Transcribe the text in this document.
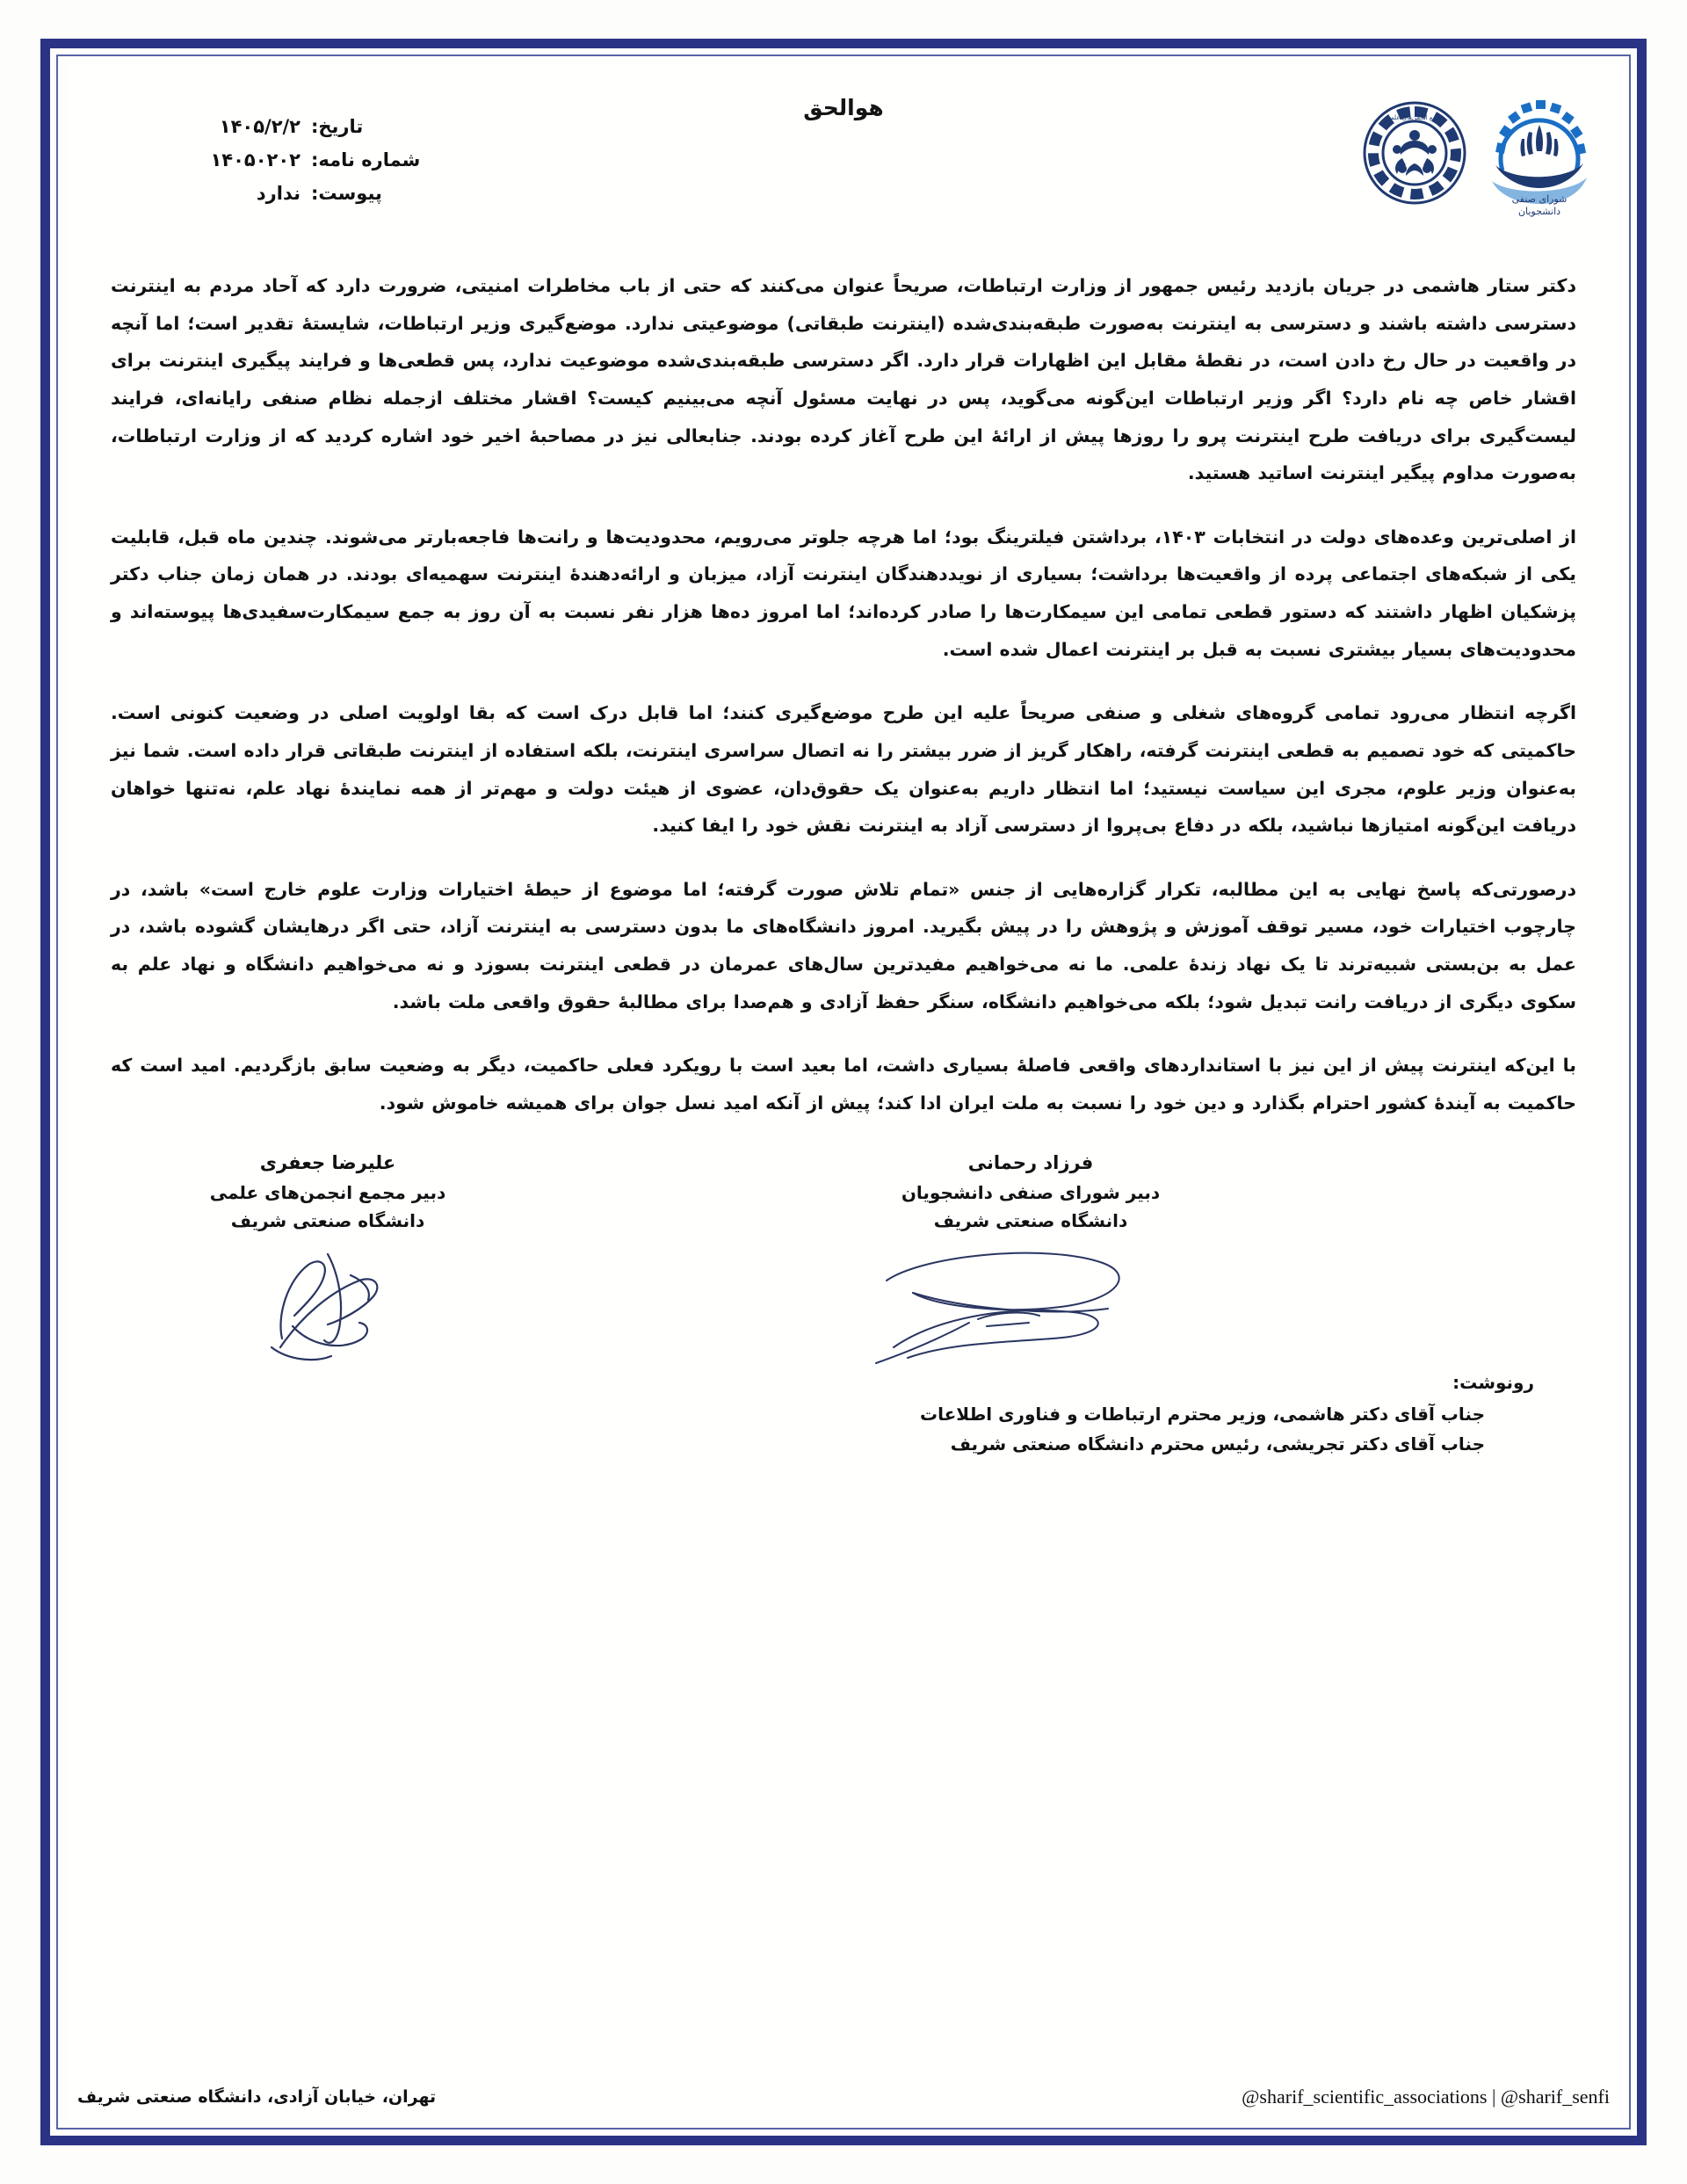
هوالحق
تاریخ:
۱۴۰۵/۲/۲
شماره نامه:
۱۴۰۵۰۲۰۲
پیوست:
ندارد	شورای صنفی
دانشجویان
مجمع انجمن‌های علمی

دکتر ستار هاشمی در جریان بازدید رئیس جمهور از وزارت ارتباطات، صریحاً عنوان می‌کنند که حتی از باب مخاطرات امنیتی، ضرورت دارد که آحاد مردم به اینترنت دسترسی داشته باشند و دسترسی به اینترنت به‌صورت طبقه‌بندی‌شده (اینترنت طبقاتی) موضوعیتی ندارد. موضع‌گیری وزیر ارتباطات، شایستهٔ تقدیر است؛ اما آنچه در واقعیت در حال رخ دادن است، در نقطهٔ مقابل این اظهارات قرار دارد. اگر دسترسی طبقه‌بندی‌شده موضوعیت ندارد، پس قطعی‌ها و فرایند پیگیری اینترنت برای اقشار خاص چه نام دارد؟ اگر وزیر ارتباطات این‌گونه می‌گوید، پس در نهایت مسئول آنچه می‌بینیم کیست؟ اقشار مختلف ازجمله نظام صنفی رایانه‌ای، فرایند لیست‌گیری برای دریافت طرح اینترنت پرو را روزها پیش از ارائهٔ این طرح آغاز کرده بودند. جنابعالی نیز در مصاحبهٔ اخیر خود اشاره کردید که از وزارت ارتباطات، به‌صورت مداوم پیگیر اینترنت اساتید هستید.

از اصلی‌ترین وعده‌های دولت در انتخابات ۱۴۰۳، برداشتن فیلترینگ بود؛ اما هرچه جلوتر می‌رویم، محدودیت‌ها و رانت‌ها فاجعه‌بارتر می‌شوند. چندین ماه قبل، قابلیت یکی از شبکه‌های اجتماعی پرده از واقعیت‌ها برداشت؛ بسیاری از نویددهندگان اینترنت آزاد، میزبان و ارائه‌دهندهٔ اینترنت سهمیه‌ای بودند. در همان زمان جناب دکتر پزشکیان اظهار داشتند که دستور قطعی تمامی این سیمکارت‌ها را صادر کرده‌اند؛ اما امروز ده‌ها هزار نفر نسبت به آن روز به جمع سیمکارت‌سفیدی‌ها پیوسته‌اند و محدودیت‌های بسیار بیشتری نسبت به قبل بر اینترنت اعمال شده است.

اگرچه انتظار می‌رود تمامی گروه‌های شغلی و صنفی صریحاً علیه این طرح موضع‌گیری کنند؛ اما قابل درک است که بقا اولویت اصلی در وضعیت کنونی است. حاکمیتی که خود تصمیم به قطعی اینترنت گرفته، راهکار گریز از ضرر بیشتر را نه اتصال سراسری اینترنت، بلکه استفاده از اینترنت طبقاتی قرار داده است. شما نیز به‌عنوان وزیر علوم، مجری این سیاست نیستید؛ اما انتظار داریم به‌عنوان یک حقوق‌دان، عضوی از هیئت دولت و مهم‌تر از همه نمایندهٔ نهاد علم، نه‌تنها خواهان دریافت این‌گونه امتیازها نباشید، بلکه در دفاع بی‌پروا از دسترسی آزاد به اینترنت نقش خود را ایفا کنید.

درصورتی‌که پاسخ نهایی به این مطالبه، تکرار گزاره‌هایی از جنس «تمام تلاش صورت گرفته؛ اما موضوع از حیطهٔ اختیارات وزارت علوم خارج است» باشد، در چارچوب اختیارات خود، مسیر توقف آموزش و پژوهش را در پیش بگیرید. امروز دانشگاه‌های ما بدون دسترسی به اینترنت آزاد، حتی اگر درهایشان گشوده باشد، در عمل به بن‌بستی شبیه‌ترند تا یک نهاد زندهٔ علمی. ما نه می‌خواهیم مفیدترین سال‌های عمرمان در قطعی اینترنت بسوزد و نه می‌خواهیم دانشگاه و نهاد علم به سکوی دیگری از دریافت رانت تبدیل شود؛ بلکه می‌خواهیم دانشگاه، سنگر حفظ آزادی و هم‌صدا برای مطالبهٔ حقوق واقعی ملت باشد.

با این‌که اینترنت پیش از این نیز با استانداردهای واقعی فاصلهٔ بسیاری داشت، اما بعید است با رویکرد فعلی حاکمیت، دیگر به وضعیت سابق بازگردیم. امید است که حاکمیت به آیندهٔ کشور احترام بگذارد و دین خود را نسبت به ملت ایران ادا کند؛ پیش از آنکه امید نسل جوان برای همیشه خاموش شود.

علیرضا جعفری
دبیر مجمع انجمن‌های علمی
دانشگاه صنعتی شریف
فرزاد رحمانی
دبیر شورای صنفی دانشجویان
دانشگاه صنعتی شریف
رونوشت:
جناب آقای دکتر هاشمی، وزیر محترم ارتباطات و فناوری اطلاعات
جناب آقای دکتر تجریشی، رئیس محترم دانشگاه صنعتی شریف
@sharif_scientific_associations | @sharif_senfi
تهران، خیابان آزادی، دانشگاه صنعتی شریف
